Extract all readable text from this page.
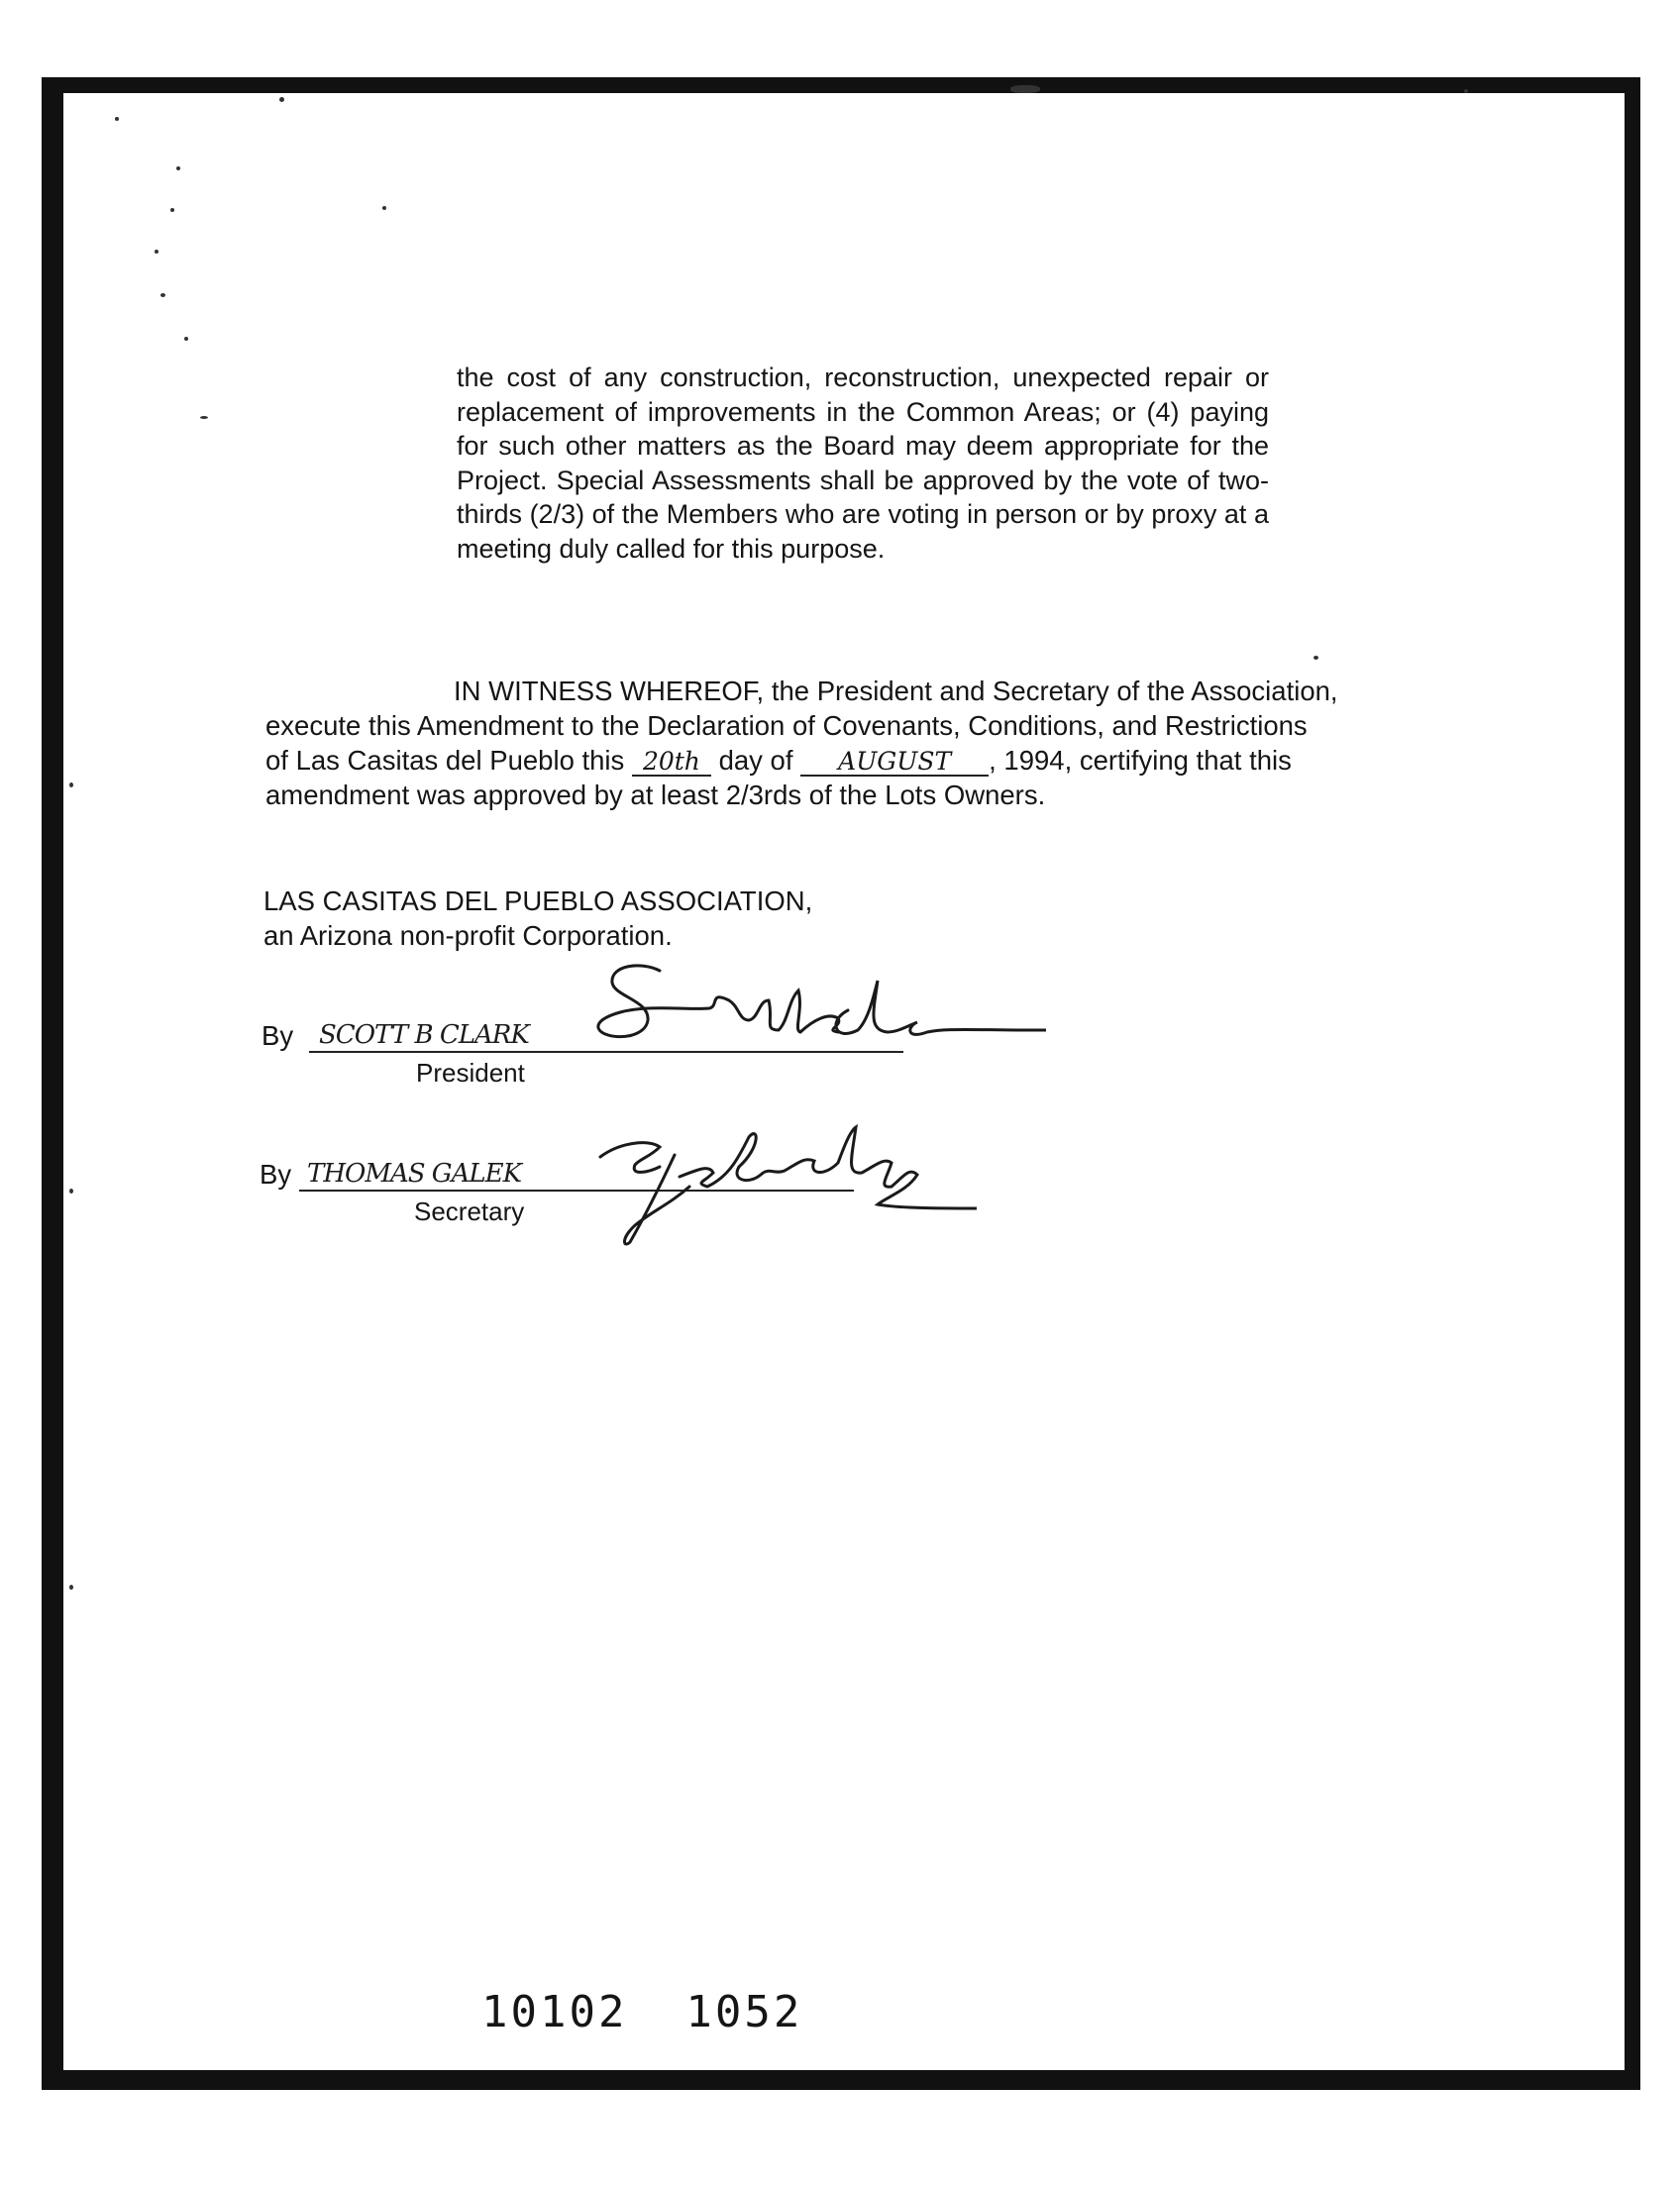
the cost of any construction, reconstruction, unexpected repair or replacement of improvements in the Common Areas; or (4) paying for such other matters as the Board may deem appropriate for the Project. Special Assessments shall be approved by the vote of two-thirds (2/3) of the Members who are voting in person or by proxy at a meeting duly called for this purpose.

IN WITNESS WHEREOF, the President and Secretary of the Association,
execute this Amendment to the Declaration of Covenants, Conditions, and Restrictions
of Las Casitas del Pueblo this 20th day of AUGUST , 1994, certifying that this
amendment was approved by at least 2/3rds of the Lots Owners.

LAS CASITAS DEL PUEBLO ASSOCIATION,

an Arizona non-profit Corporation.

By SCOTT B CLARK
President
By THOMAS GALEK
Secretary

10102  1052
